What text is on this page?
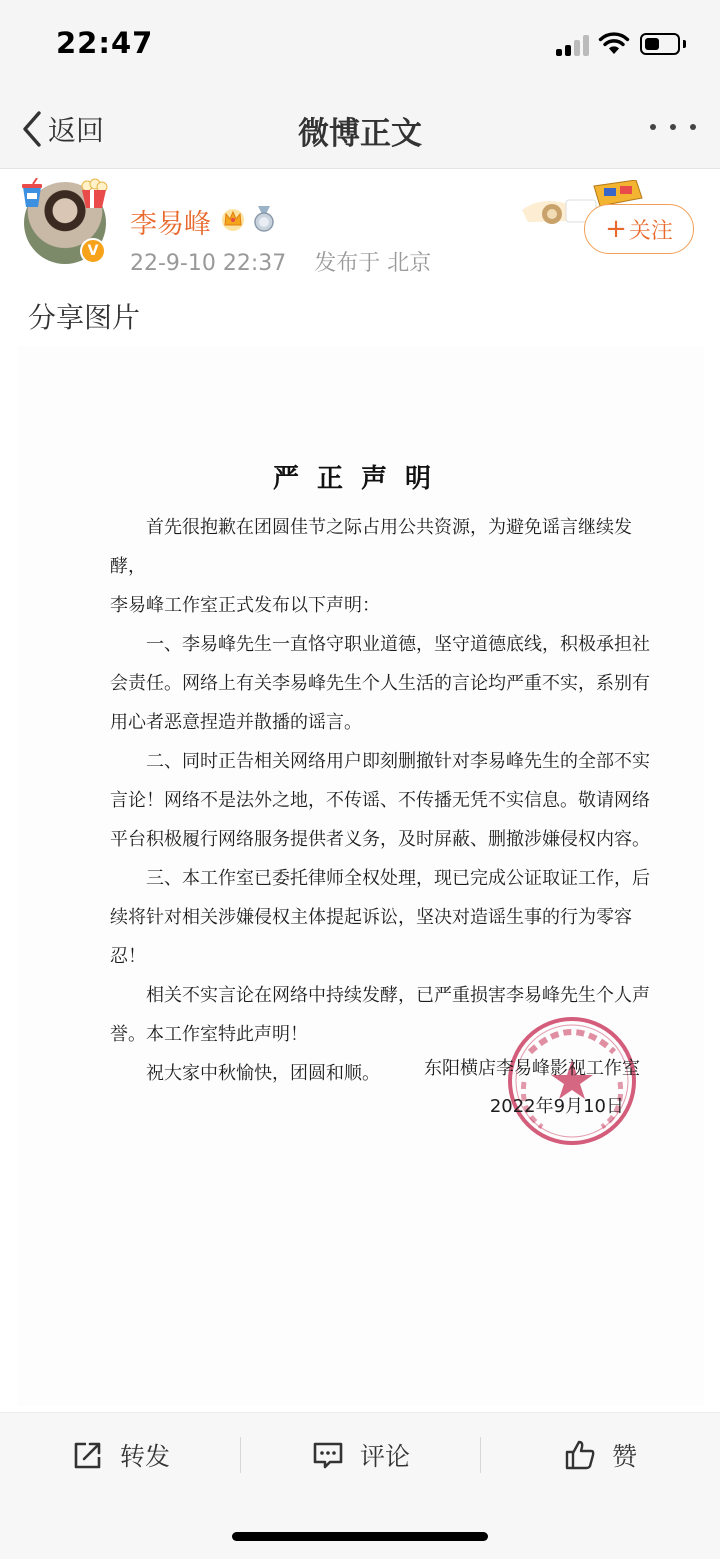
22:47
返回	微博正文
V
李易峰
22-9-10 22:37 发布于 北京
+ 关注
分享图片
严正声明

首先很抱歉在团圆佳节之际占用公共资源，为避免谣言继续发酵，

李易峰工作室正式发布以下声明：

一、李易峰先生一直恪守职业道德，坚守道德底线，积极承担社会责任。网络上有关李易峰先生个人生活的言论均严重不实，系别有用心者恶意捏造并散播的谣言。

二、同时正告相关网络用户即刻删撤针对李易峰先生的全部不实言论！网络不是法外之地，不传谣、不传播无凭不实信息。敬请网络平台积极履行网络服务提供者义务，及时屏蔽、删撤涉嫌侵权内容。

三、本工作室已委托律师全权处理，现已完成公证取证工作，后续将针对相关涉嫌侵权主体提起诉讼，坚决对造谣生事的行为零容忍！

相关不实言论在网络中持续发酵，已严重损害李易峰先生个人声誉。本工作室特此声明！

祝大家中秋愉快，团圆和顺。	东阳横店李易峰影视工作室
2022年9月10日
转发	评论	赞
